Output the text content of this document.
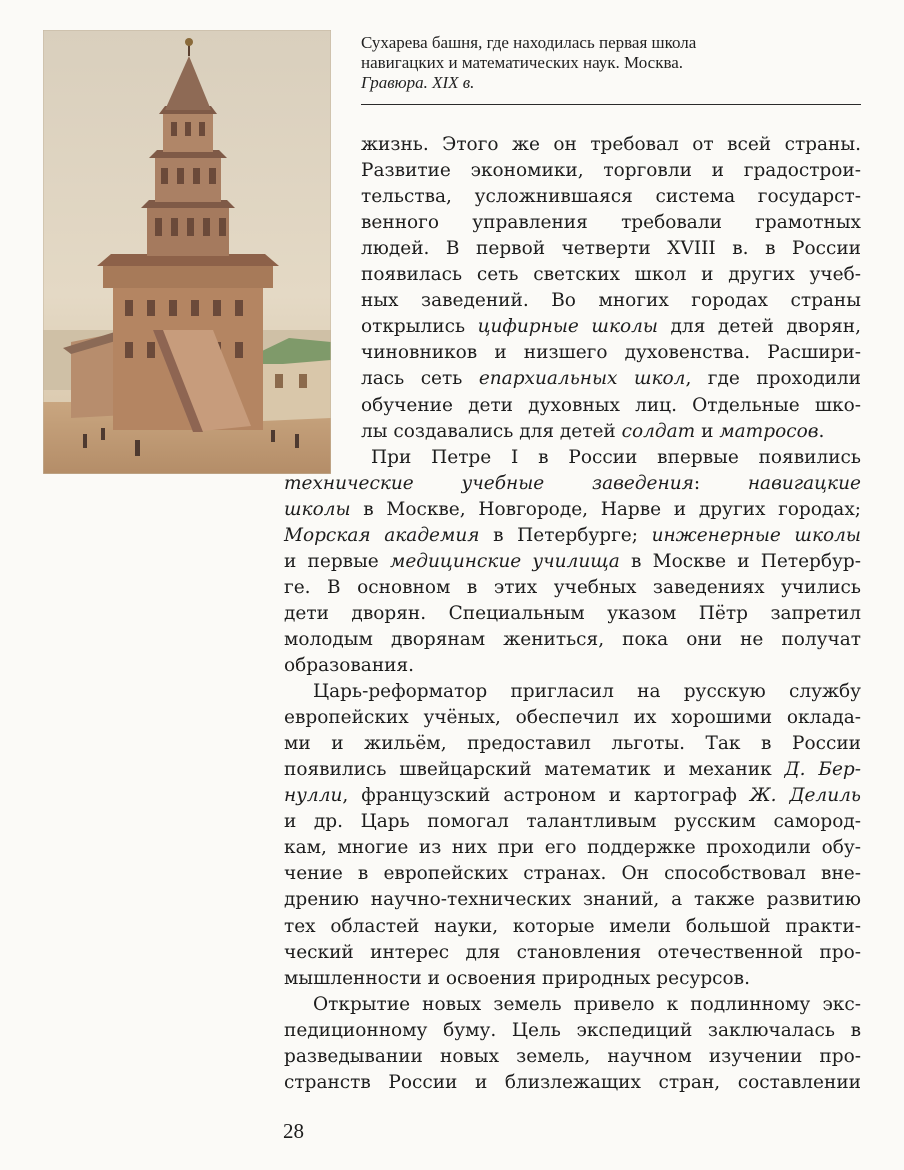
Сухарева башня, где находилась первая школа
навигацких и математических наук. Москва.
Гравюра. XIX в.
жизнь. Этого же он требовал от всей страны.
Развитие экономики, торговли и градострои-
тельства, усложнившаяся система государст-
венного управления требовали грамотных
людей. В первой четверти XVIII в. в России
появилась сеть светских школ и других учеб-
ных заведений. Во многих городах страны
открылись цифирные школы для детей дворян,
чиновников и низшего духовенства. Расшири-
лась сеть епархиальных школ, где проходили
обучение дети духовных лиц. Отдельные шко-
лы создавались для детей солдат и матросов.
При Петре I в России впервые появились
технические учебные заведения: навигацкие
школы в Москве, Новгороде, Нарве и других городах;
Морская академия в Петербурге; инженерные школы
и первые медицинские училища в Москве и Петербур-
ге. В основном в этих учебных заведениях учились
дети дворян. Специальным указом Пётр запретил
молодым дворянам жениться, пока они не получат
образования.
Царь-реформатор пригласил на русскую службу
европейских учёных, обеспечил их хорошими оклада-
ми и жильём, предоставил льготы. Так в России
появились швейцарский математик и механик Д. Бер-
нулли, французский астроном и картограф Ж. Делиль
и др. Царь помогал талантливым русским самород-
кам, многие из них при его поддержке проходили обу-
чение в европейских странах. Он способствовал вне-
дрению научно-технических знаний, а также развитию
тех областей науки, которые имели большой практи-
ческий интерес для становления отечественной про-
мышленности и освоения природных ресурсов.
Открытие новых земель привело к подлинному экс-
педиционному буму. Цель экспедиций заключалась в
разведывании новых земель, научном изучении про-
странств России и близлежащих стран, составлении
28
